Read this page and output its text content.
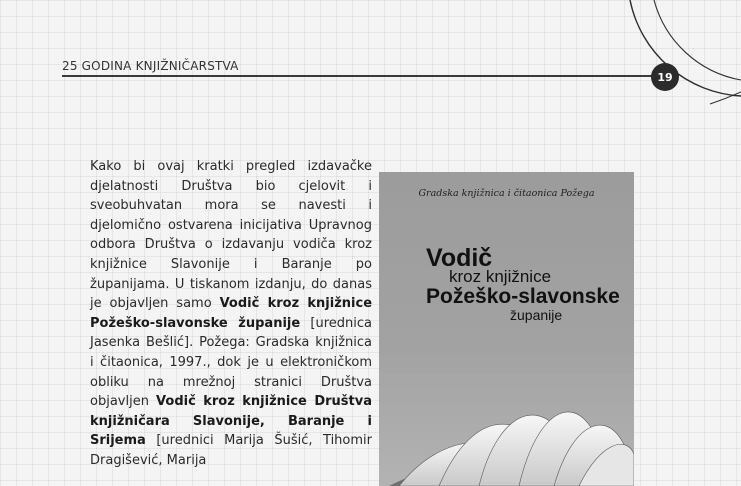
25 GODINA KNJIŽNIČARSTVA
19
Kako bi ovaj kratki pregled izdavačke djelatnosti Društva bio cjelovit i sveobuhvatan mora se navesti i djelomično ostvarena inicijativa Upravnog odbora Društva o izdavanju vodiča kroz knjižnice Slavonije i Baranje po županijama. U tiskanom izdanju, do danas je objavljen samo Vodič kroz knjižnice Požeško-slavonske županije [urednica Jasenka Bešlić]. Požega: Gradska knjižnica i čitaonica, 1997., dok je u elektroničkom obliku na mrežnoj stranici Društva objavljen Vodič kroz knjižnice Društva knjižničara Slavonije, Baranje i Srijema [urednici Marija Šušić, Tihomir Dragišević, Marija
Gradska knjižnica i čitaonica Požega
Vodič
kroz knjižnice
Požeško-slavonske
županije
